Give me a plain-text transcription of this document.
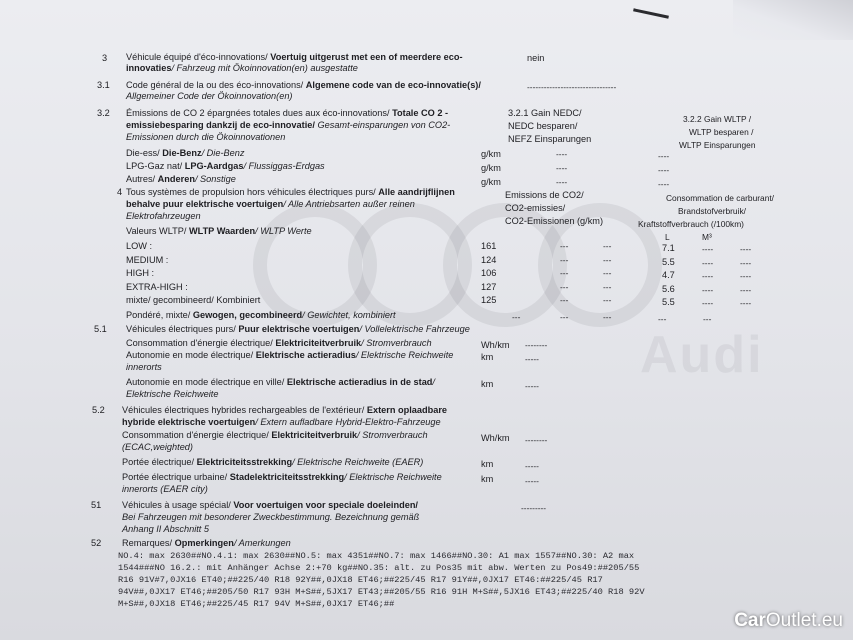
Audi
3 Véhicule équipé d'éco-innovations/ Voertuig uitgerust met een of meerdere eco-
innovaties/ Fahrzeug mit Ökoinnovation(en) ausgestatte
nein
3.1 Code général de la ou des éco-innovations/ Algemene code van de eco-innovatie(s)/
Allgemeiner Code der Ökoinnovation(en)
--------------------------------
3.2 Émissions de CO 2 épargnées totales dues aux éco-innovations/ Totale CO 2 -
emissiebesparing dankzij de eco-innovatie/ Gesamt-einsparungen von CO2-
Emissionen durch die Ökoinnovationen
3.2.1 Gain NEDC/
NEDC besparen/
NEFZ Einsparungen
3.2.2 Gain WLTP /
WLTP besparen /
WLTP Einsparungen
Die-ess/ Die-Benz/ Die-Benz	g/km	----	----
LPG-Gaz nat/ LPG-Aardgas/ Flussiggas-Erdgas	g/km	----	----
Autres/ Anderen/ Sonstige	g/km	----	----
4 Tous systèmes de propulsion hors véhicules électriques purs/ Alle aandrijflijnen
behalve puur elektrische voertuigen/ Alle Antriebsarten außer reinen
Elektrofahrzeugen
Valeurs WLTP/ WLTP Waarden/ WLTP Werte
Emissions de CO2/
CO2-emissies/
CO2-Emissionen (g/km)
Consommation de carburant/
Brandstofverbruik/
Kraftstoffverbrauch (/100km)
L	M³
LOW :	161	---	---	7.1	----	----
MEDIUM :	124	---	---	5.5	----	----
HIGH :	106	---	---	4.7	----	----
EXTRA-HIGH :	127	---	---	5.6	----	----
mixte/ gecombineerd/ Kombiniert	125	---	---	5.5	----	----
Pondéré, mixte/ Gewogen, gecombineerd/ Gewichtet, kombiniert	---	---	---	---	---
5.1 Véhicules électriques purs/ Puur elektrische voertuigen/ Vollelektrische Fahrzeuge
Consommation d'énergie électrique/ Elektriciteitverbruik/ Stromverbrauch	Wh/km --------
Autonomie en mode électrique/ Elektrische actieradius/ Elektrische Reichweite
innerorts
km	-----
Autonomie en mode électrique en ville/ Elektrische actieradius in de stad/
Elektrische Reichweite
km	-----
5.2 Véhicules électriques hybrides rechargeables de l'extérieur/ Extern oplaadbare
hybride elektrische voertuigen/ Extern aufladbare Hybrid-Elektro-Fahrzeuge
Consommation d'énergie électrique/ Elektriciteitverbruik/ Stromverbrauch
(ECAC,weighted)
Wh/km --------
Portée électrique/ Elektriciteitsstrekking/ Elektrische Reichweite (EAER)	km	-----
Portée électrique urbaine/ Stadelektriciteitsstrekking/ Elektrische Reichweite
innerorts (EAER city)
km	-----
51 Véhicules à usage spécial/ Voor voertuigen voor speciale doeleinden/
Bei Fahrzeugen mit besonderer Zweckbestimmung. Bezeichnung gemäß
Anhang II Abschnitt 5
---------
52 Remarques/ Opmerkingen/ Amerkungen
NO.4: max 2630##NO.4.1: max 2630##NO.5: max 4351##NO.7: max 1466##NO.30: A1 max 1557##NO.30: A2 max
1544###NO 16.2.: mit Anhänger Achse 2:+70 kg##NO.35: alt. zu Pos35 mit abw. Werten zu Pos49:##205/55
R16 91V#7,0JX16 ET40;##225/40 R18 92Y##,0JX18 ET46;##225/45 R17 91Y##,0JX17 ET46:##225/45 R17
94V##,0JX17 ET46;##205/50 R17 93H M+S##,5JX17 ET43;##205/55 R16 91H M+S##,5JX16 ET43;##225/40 R18 92V
M+S##,0JX18 ET46;##225/45 R17 94V M+S##,0JX17 ET46;##
CarOutlet.eu
